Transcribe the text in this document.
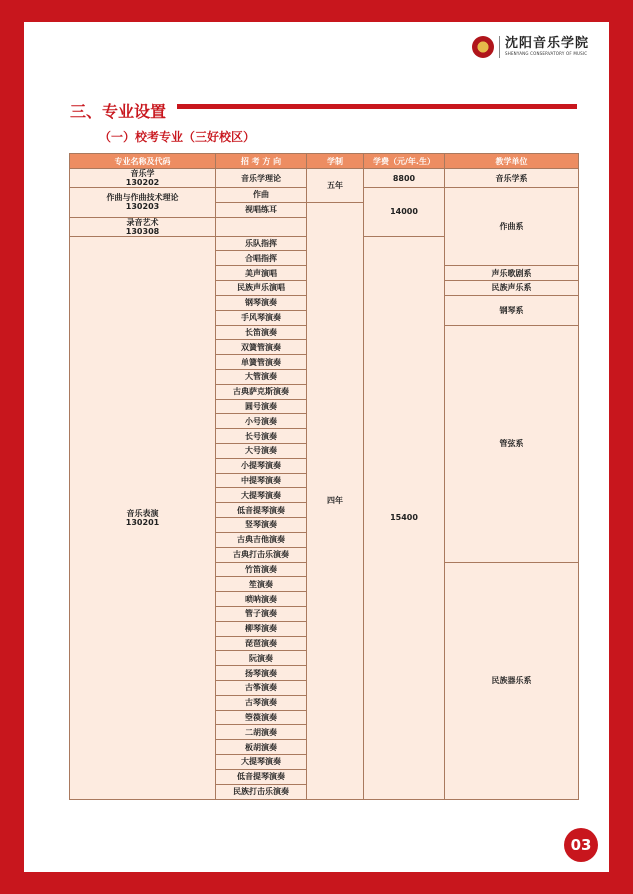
沈阳音乐学院
SHENYANG CONSERVATORY OF MUSIC
三、专业设置
（一）校考专业（三好校区）
专业名称及代码	招 考 方 向	学制	学费（元/年.生）	教学单位
音乐学
130202	音乐学理论	五年	8800	音乐学系

作曲与作曲技术理论
130203	作曲		14000	作曲系
	视唱练耳	四年		
录音艺术
130308				

音乐表演
130201	乐队指挥		15400	
	合唱指挥			
	美声演唱			声乐歌剧系
	民族声乐演唱			民族声乐系
	钢琴演奏			钢琴系
	手风琴演奏			
	长笛演奏			管弦系
	双簧管演奏			
	单簧管演奏			
	大管演奏			
	古典萨克斯演奏			
	圆号演奏			
	小号演奏			
	长号演奏			
	大号演奏			
	小提琴演奏			
	中提琴演奏			
	大提琴演奏			
	低音提琴演奏			
	竖琴演奏			
	古典吉他演奏			
	古典打击乐演奏			
	竹笛演奏			民族器乐系
	笙演奏			
	唢呐演奏			
	管子演奏			
	柳琴演奏			
	琵琶演奏			
	阮演奏			
	扬琴演奏			
	古筝演奏			
	古琴演奏			
	箜篌演奏			
	二胡演奏			
	板胡演奏			
	大提琴演奏			
	低音提琴演奏			
	民族打击乐演奏			
03
